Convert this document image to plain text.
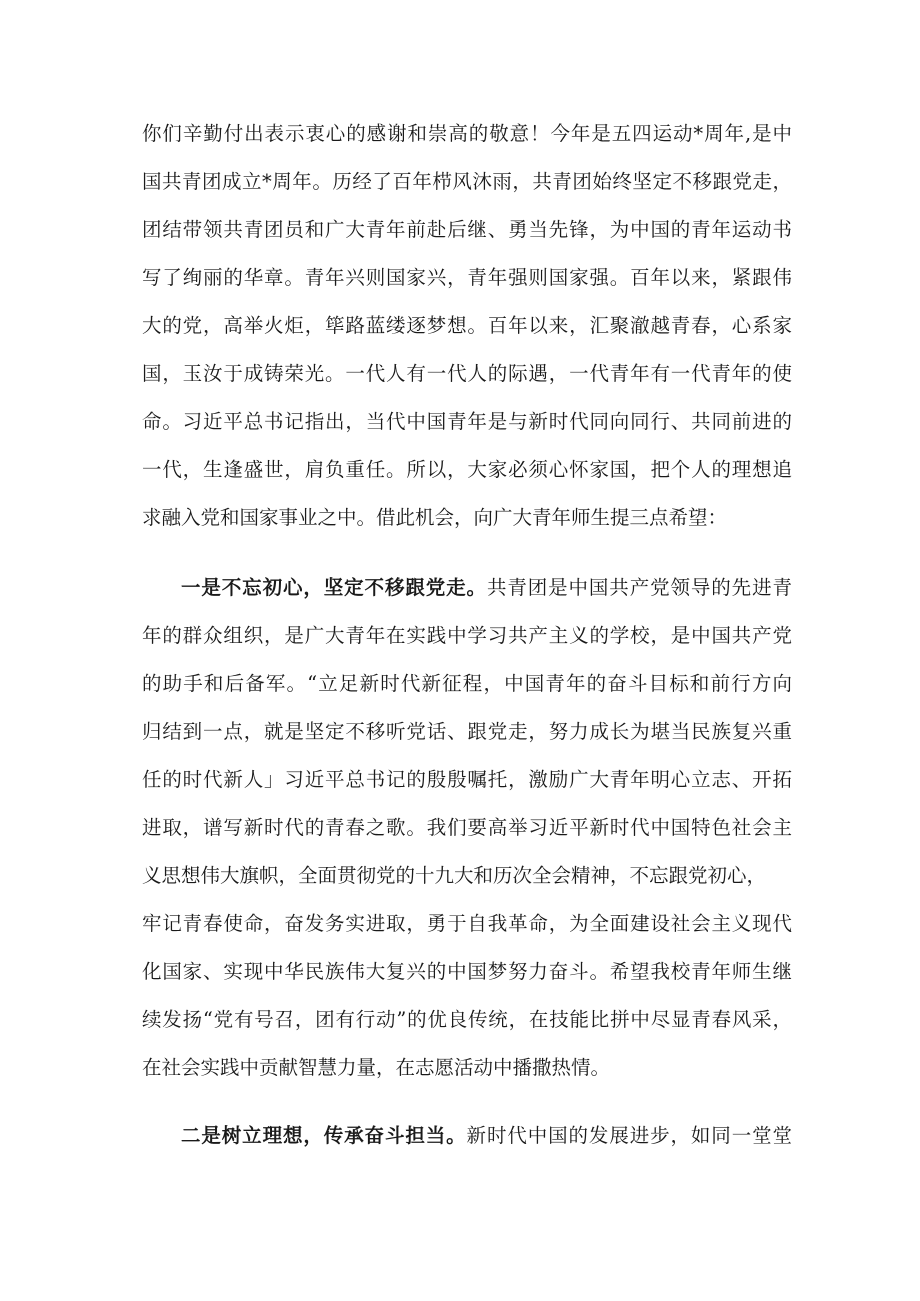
你们辛勤付出表示衷心的感谢和崇高的敬意！今年是五四运动*周年,是中
国共青团成立*周年。历经了百年栉风沐雨，共青团始终坚定不移跟党走，
团结带领共青团员和广大青年前赴后继、勇当先锋，为中国的青年运动书
写了绚丽的华章。青年兴则国家兴，青年强则国家强。百年以来，紧跟伟
大的党，高举火炬，筚路蓝缕逐梦想。百年以来，汇聚澈越青春，心系家
国，玉汝于成铸荣光。一代人有一代人的际遇，一代青年有一代青年的使
命。习近平总书记指出，当代中国青年是与新时代同向同行、共同前进的
一代，生逢盛世，肩负重任。所以，大家必须心怀家国，把个人的理想追
求融入党和国家事业之中。借此机会，向广大青年师生提三点希望：
一是不忘初心，坚定不移跟党走。共青团是中国共产党领导的先进青
年的群众组织，是广大青年在实践中学习共产主义的学校，是中国共产党
的助手和后备军。“立足新时代新征程，中国青年的奋斗目标和前行方向
归结到一点，就是坚定不移听党话、跟党走，努力成长为堪当民族复兴重
任的时代新人」习近平总书记的殷殷嘱托，激励广大青年明心立志、开拓
进取，谱写新时代的青春之歌。我们要高举习近平新时代中国特色社会主
义思想伟大旗帜，全面贯彻党的十九大和历次全会精神，不忘跟党初心，
牢记青春使命，奋发务实进取，勇于自我革命，为全面建设社会主义现代
化国家、实现中华民族伟大复兴的中国梦努力奋斗。希望我校青年师生继
续发扬“党有号召，团有行动”的优良传统，在技能比拼中尽显青春风采，
在社会实践中贡献智慧力量，在志愿活动中播撒热情。
二是树立理想，传承奋斗担当。新时代中国的发展进步，如同一堂堂
